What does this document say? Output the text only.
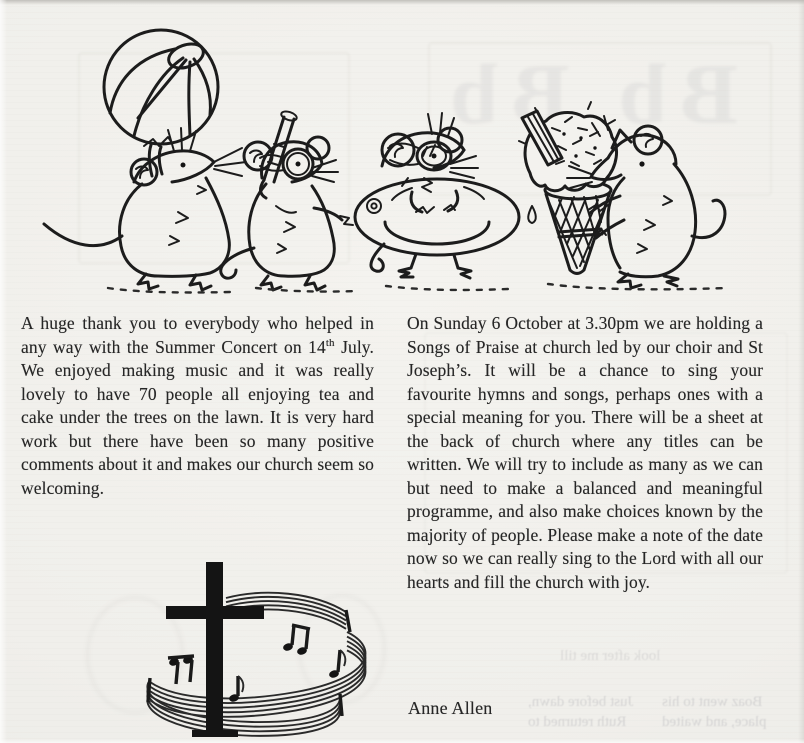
Bb Bb
look after me till
Just before dawn,
Ruth returned to
Boaz went to his
place, and waited
A huge thank you to everybody who helped in any way with the Summer Concert on 14th July. We enjoyed making music and it was really lovely to have 70 people all enjoying tea and cake under the trees on the lawn. It is very hard work but there have been so many positive comments about it and makes our church seem so welcoming.
On Sunday 6 October at 3.30pm we are holding a Songs of Praise at church led by our choir and St Joseph’s. It will be a chance to sing your favourite hymns and songs, perhaps ones with a special meaning for you. There will be a sheet at the back of church where any titles can be written. We will try to include as many as we can but need to make a balanced and meaningful programme, and also make choices known by the majority of people. Please make a note of the date now so we can really sing to the Lord with all our hearts and fill the church with joy.
Anne Allen
